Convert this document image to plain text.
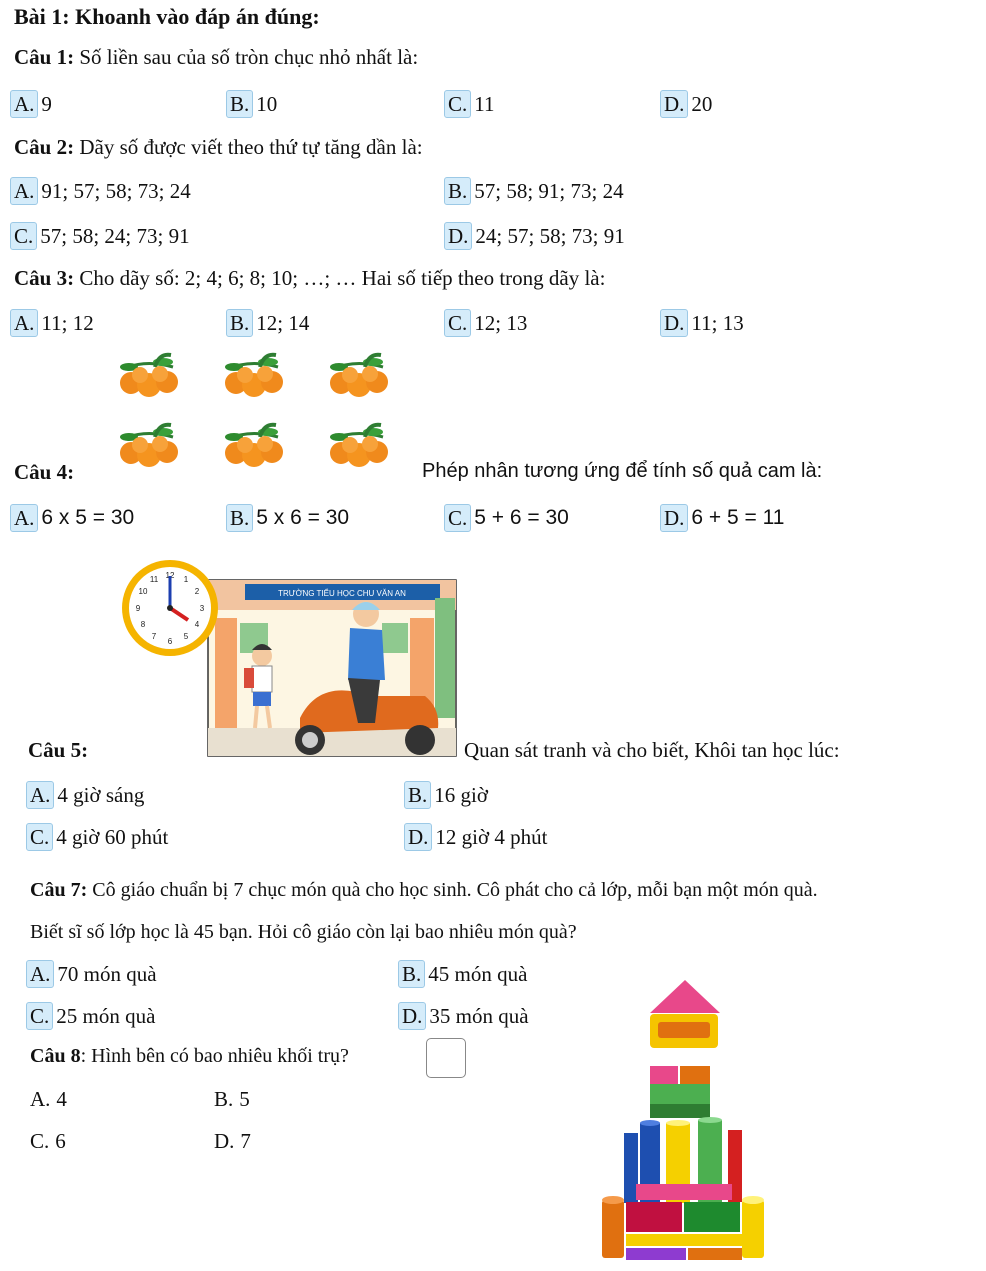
Bài 1: Khoanh vào đáp án đúng:
Câu 1: Số liền sau của số tròn chục nhỏ nhất là:
A. 9	B. 10	C. 11	D. 20
Câu 2: Dãy số được viết theo thứ tự tăng dần là:
A. 91; 57; 58; 73; 24	B. 57; 58; 91; 73; 24
C. 57; 58; 24; 73; 91	D. 24; 57; 58; 73; 91
Câu 3: Cho dãy số: 2; 4; 6; 8; 10; …; … Hai số tiếp theo trong dãy là:
A. 11; 12	B. 12; 14	C. 12; 13	D. 11; 13
Câu 4:	Phép nhân tương ứng để tính số quả cam là:
A. 6 x 5 = 30	B. 5 x 6 = 30	C. 5 + 6 = 30	D. 6 + 5 = 11
TRƯỜNG TIỂU HỌC CHU VĂN AN
12 1
2
3
4
5
6
7
8
9
10
11
Câu 5:	Quan sát tranh và cho biết, Khôi tan học lúc:
A. 4 giờ sáng	B. 16 giờ
C. 4 giờ 60 phút	D. 12 giờ 4 phút
Câu 7: Cô giáo chuẩn bị 7 chục món quà cho học sinh. Cô phát cho cả lớp, mỗi bạn một món quà.
Biết sĩ số lớp học là 45 bạn. Hỏi cô giáo còn lại bao nhiêu món quà?
A. 70 món quà	B. 45 món quà
C. 25 món quà	D. 35 món quà
Câu 8: Hình bên có bao nhiêu khối trụ?
A. 4	B. 5
C. 6	D. 7
